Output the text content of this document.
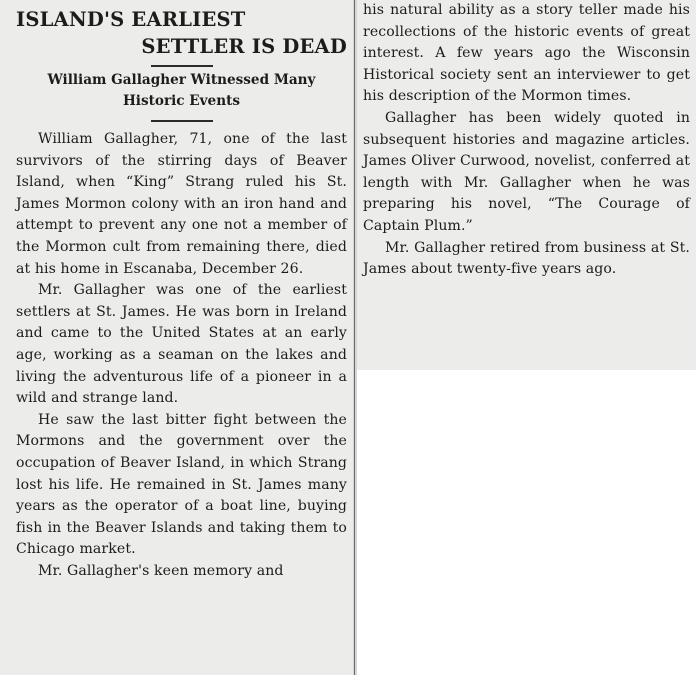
ISLAND'S EARLIEST
SETTLER IS DEAD

William Gallagher Witnessed Many Historic Events

William Gallagher, 71, one of the last survivors of the stirring days of Beaver Island, when “King” Strang ruled his St. James Mormon colony with an iron hand and attempt to prevent any one not a member of the Mormon cult from remaining there, died at his home in Escanaba, December 26.

Mr. Gallagher was one of the earliest settlers at St. James. He was born in Ireland and came to the United States at an early age, working as a seaman on the lakes and living the adventurous life of a pioneer in a wild and strange land.

He saw the last bitter fight between the Mormons and the government over the occupation of Beaver Island, in which Strang lost his life. He remained in St. James many years as the operator of a boat line, buying fish in the Beaver Islands and taking them to Chicago market.

Mr. Gallagher's keen memory and

his natural ability as a story teller made his recollections of the historic events of great interest. A few years ago the Wisconsin Historical society sent an interviewer to get his description of the Mormon times.

Gallagher has been widely quoted in subsequent histories and magazine articles. James Oliver Curwood, novelist, conferred at length with Mr. Gallagher when he was preparing his novel, “The Courage of Captain Plum.”

Mr. Gallagher retired from business at St. James about twenty-five years ago.
